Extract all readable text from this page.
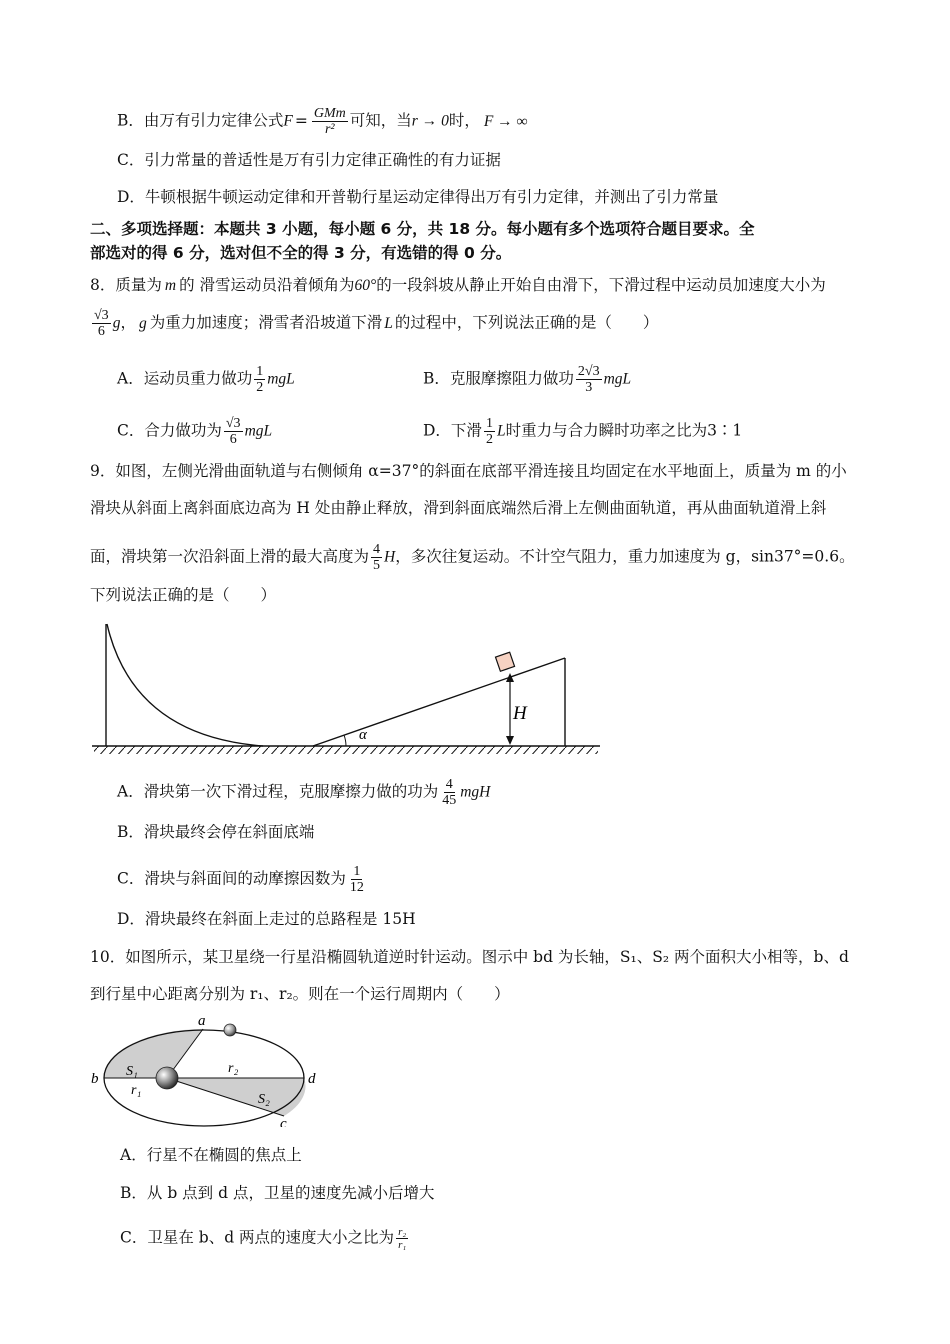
B．由万有引力定律公式$F = \frac{\text{GMm}}{\text{r²}}$ 可知，当r → 0时， F → ∞
C．引力常量的普适性是万有引力定律正确性的有力证据
D．牛顿根据牛顿运动定律和开普勒行星运动定律得出万有引力定律，并测出了引力常量
二、多项选择题：本题共 3 小题，每小题 6 分，共 18 分。每小题有多个选项符合题目要求。全
部选对的得 6 分，选对但不全的得 3 分，有选错的得 0 分。
8．质量为 m 的 滑雪运动员沿着倾角为60°的一段斜坡从静止开始自由滑下，下滑过程中运动员加速度大小为
$\frac{√3}{6}$ g， g 为重力加速度；滑雪者沿坡道下滑 L 的过程中，下列说法正确的是（　　）
A．运动员重力做功 $\frac{1}{2}$ mgL	B．克服摩擦阻力做功 $\frac{2√3}{3}$ mgL
C．合力做功为 $\frac{√3}{6}$ mgL	D．下滑 $\frac{1}{2}$ L时重力与合力瞬时功率之比为3∶1
9．如图，左侧光滑曲面轨道与右侧倾角 α=37°的斜面在底部平滑连接且均固定在水平地面上，质量为 m 的小
滑块从斜面上离斜面底边高为 H 处由静止释放，滑到斜面底端然后滑上左侧曲面轨道，再从曲面轨道滑上斜
面，滑块第一次沿斜面上滑的最大高度为 $\frac{4}{5}$ H，多次往复运动。不计空气阻力，重力加速度为 g，sin37°=0.6。
下列说法正确的是（　　）
α
H
A．滑块第一次下滑过程，克服摩擦力做的功为 $\frac{4}{45}$ mgH
B．滑块最终会停在斜面底端
C．滑块与斜面间的动摩擦因数为 $\frac{1}{12}$
D．滑块最终在斜面上走过的总路程是 15H
10．如图所示，某卫星绕一行星沿椭圆轨道逆时针运动。图示中 bd 为长轴，S₁、S₂ 两个面积大小相等，b、d
到行星中心距离分别为 r₁、r₂。则在一个运行周期内（　　）
a
b
c
d
S₁
S₂
r₁
r₂
A．行星不在椭圆的焦点上
B．从 b 点到 d 点，卫星的速度先减小后增大
C．卫星在 b、d 两点的速度大小之比为 $\frac{\text{r₂}}{\text{r₁}}$
